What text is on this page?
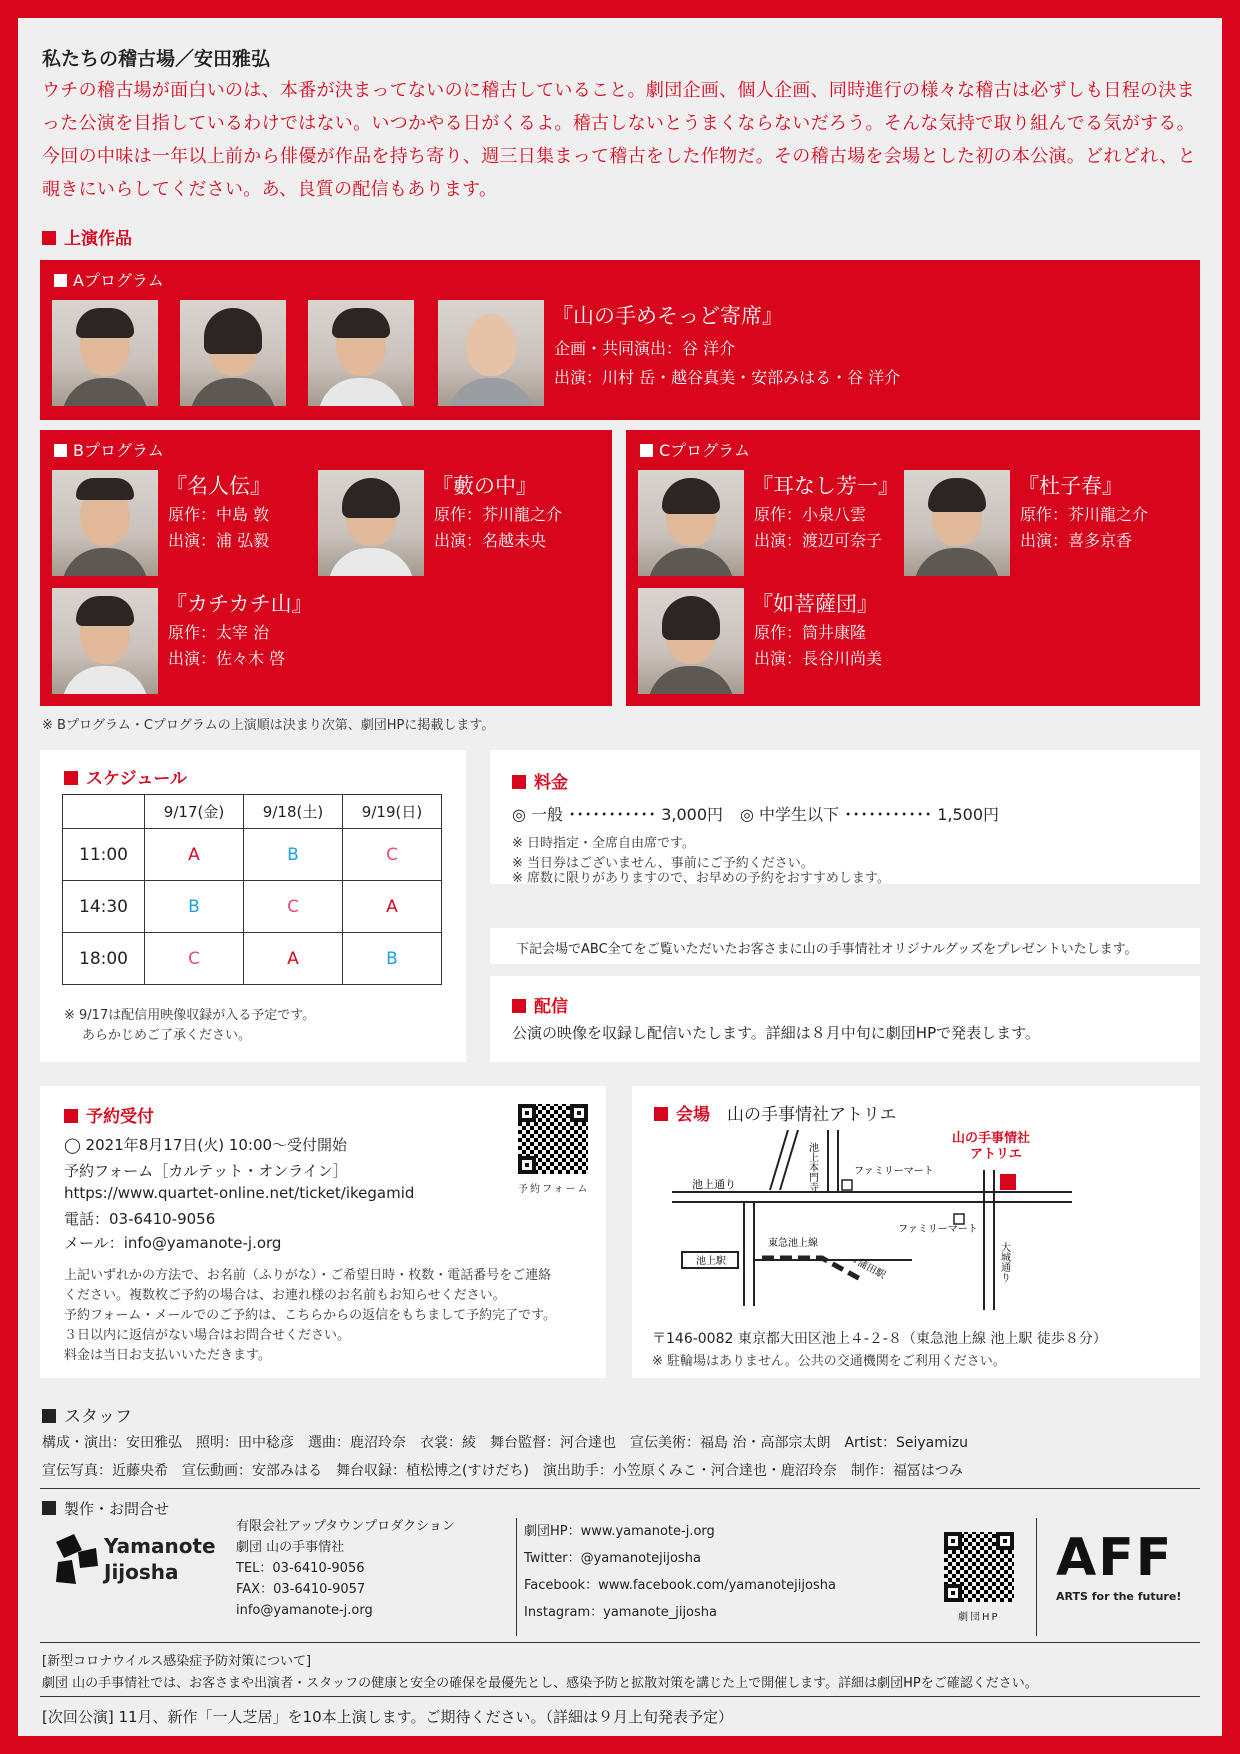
私たちの稽古場／安田雅弘
ウチの稽古場が面白いのは、本番が決まってないのに稽古していること。劇団企画、個人企画、同時進行の様々な稽古は必ずしも日程の決まった公演を目指しているわけではない。いつかやる日がくるよ。稽古しないとうまくならないだろう。そんな気持で取り組んでる気がする。今回の中味は一年以上前から俳優が作品を持ち寄り、週三日集まって稽古をした作物だ。その稽古場を会場とした初の本公演。どれどれ、と覗きにいらしてください。あ、良質の配信もあります。
上演作品
Aプログラム
『山の手めそっど寄席』
企画・共同演出：谷 洋介
出演：川村 岳・越谷真美・安部みはる・谷 洋介
Bプログラム
『名人伝』
原作：中島 敦
出演：浦 弘毅
『藪の中』
原作：芥川龍之介
出演：名越未央
『カチカチ山』
原作：太宰 治
出演：佐々木 啓
Cプログラム
『耳なし芳一』
原作：小泉八雲
出演：渡辺可奈子
『杜子春』
原作：芥川龍之介
出演：喜多京香
『如菩薩団』
原作：筒井康隆
出演：長谷川尚美
※ Bプログラム・Cプログラムの上演順は決まり次第、劇団HPに掲載します。
スケジュール
	9/17(金)	9/18(土)	9/19(日)
11:00	A	B	C
14:30	B	C	A
18:00	C	A	B
※ 9/17は配信用映像収録が入る予定です。
あらかじめご了承ください。
料金
◎ 一般 ･･･････････ 3,000円 ◎ 中学生以下 ･･･････････ 1,500円
※ 日時指定・全席自由席です。
※ 当日券はございません、事前にご予約ください。
※ 席数に限りがありますので、お早めの予約をおすすめします。
下記会場でABC全てをご覧いただいたお客さまに山の手事情社オリジナルグッズをプレゼントいたします。
配信
公演の映像を収録し配信いたします。詳細は８月中旬に劇団HPで発表します。
予約受付
◯ 2021年8月17日(火) 10:00～受付開始
予約フォーム［カルテット・オンライン］
https://www.quartet-online.net/ticket/ikegamid
電話：03-6410-9056
メール：info@yamanote-j.org
上記いずれかの方法で、お名前（ふりがな）・ご希望日時・枚数・電話番号をご連絡
ください。複数枚ご予約の場合は、お連れ様のお名前もお知らせください。
予約フォーム・メールでのご予約は、こちらからの返信をもちまして予約完了です。
３日以内に返信がない場合はお問合せください。
料金は当日お支払いいただきます。
予約フォーム
会場　 山の手事情社アトリエ
池上通り
池上駅
ファミリーマート
ファミリーマート
東急池上線
→蒲田駅
池上本門寺
大城通り
山の手事情社
アトリエ
〒146-0082 東京都大田区池上４-２-８（東急池上線 池上駅 徒歩８分）
※ 駐輪場はありません。公共の交通機関をご利用ください。
スタッフ
構成・演出：安田雅弘　照明：田中稔彦　選曲：鹿沼玲奈　衣裳：綾　舞台監督：河合達也　宣伝美術：福島 治・高部宗太朗　Artist：Seiyamizu
宣伝写真：近藤央希　宣伝動画：安部みはる　舞台収録：植松博之(すけだち)　演出助手：小笠原くみこ・河合達也・鹿沼玲奈　制作：福冨はつみ
製作・お問合せ
Yamanote
Jijosha
有限会社アップタウンプロダクション
劇団 山の手事情社
TEL：03-6410-9056
FAX：03-6410-9057
info@yamanote-j.org
劇団HP：www.yamanote-j.org
Twitter：@yamanotejijosha
Facebook：www.facebook.com/yamanotejijosha
Instagram：yamanote_jijosha	劇団HP
AFF
ARTS for the future!
[新型コロナウイルス感染症予防対策について]
劇団 山の手事情社では、お客さまや出演者・スタッフの健康と安全の確保を最優先とし、感染予防と拡散対策を講じた上で開催します。詳細は劇団HPをご確認ください。
[次回公演] 11月、新作「一人芝居」を10本上演します。ご期待ください。（詳細は９月上旬発表予定）
